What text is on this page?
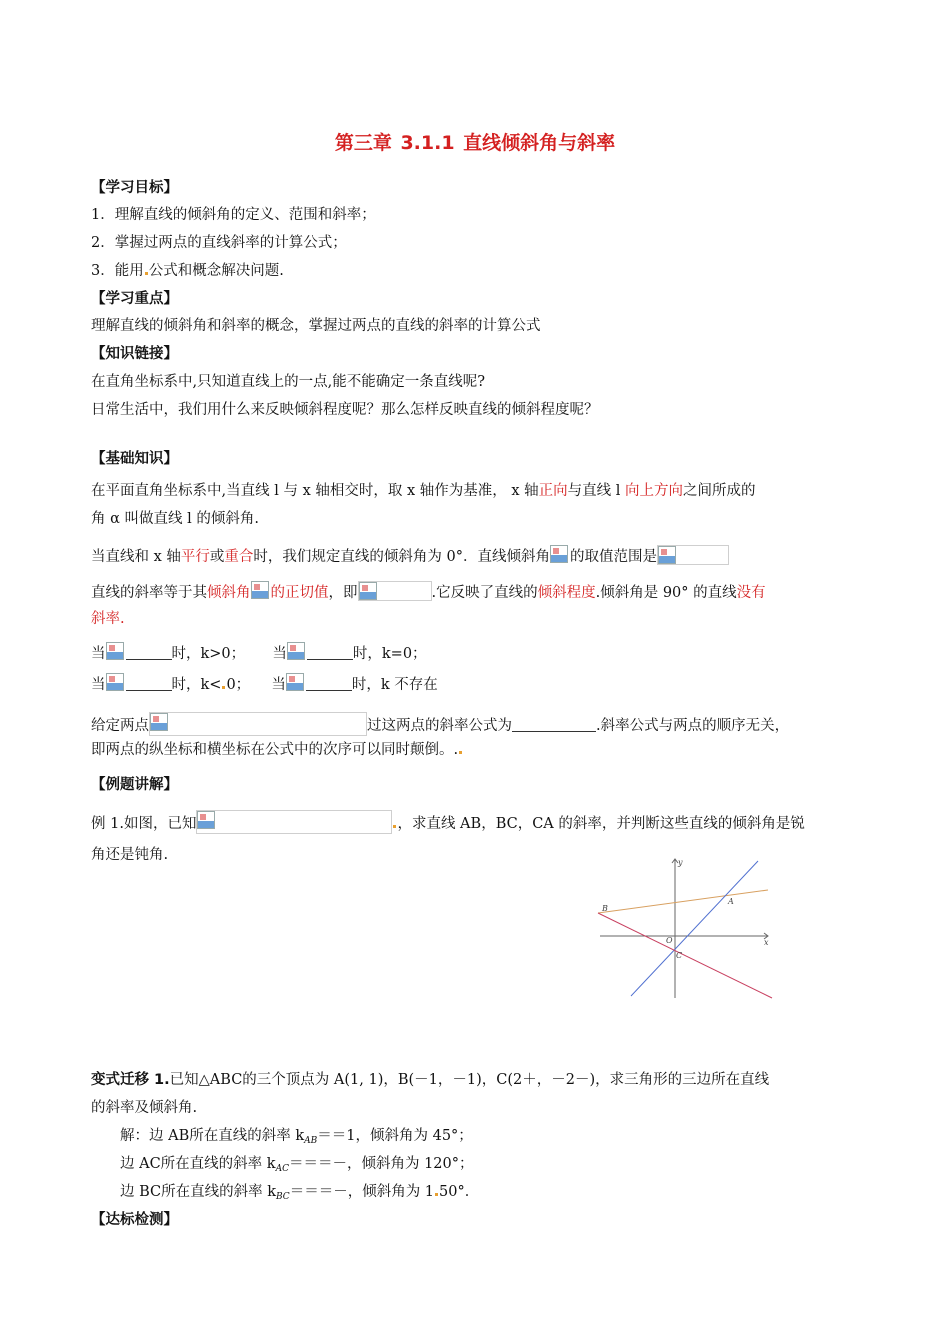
第三章 3.1.1 直线倾斜角与斜率
【学习目标】
1．理解直线的倾斜角的定义、范围和斜率；
2．掌握过两点的直线斜率的计算公式；
3．能用 公式和概念解决问题.
【学习重点】
理解直线的倾斜角和斜率的概念，掌握过两点的直线的斜率的计算公式
【知识链接】
在直角坐标系中,只知道直线上的一点,能不能确定一条直线呢?
日常生活中，我们用什么来反映倾斜程度呢？那么怎样反映直线的倾斜程度呢？
【基础知识】
在平面直角坐标系中,当直线 l 与 x 轴相交时，取 x 轴作为基准， x 轴正向与直线 l 向上方向之间所成的
角 α 叫做直线 l 的倾斜角.
当直线和 x 轴平行或重合时，我们规定直线的倾斜角为 0°．直线倾斜角 的取值范围是
直线的斜率等于其倾斜角 的正切值，即	.它反映了直线的倾斜程度.倾斜角是 90° 的直线没有
斜率.
当	时，k>0； 当	时，k=0；
当	时，k< 0； 当	时，k 不存在
给定两点	过这两点的斜率公式为	.斜率公式与两点的顺序无关，
即两点的纵坐标和横坐标在公式中的次序可以同时颠倒。.
【例题讲解】
例 1.如图，已知	，求直线 AB，BC，CA 的斜率，并判断这些直线的倾斜角是锐
角还是钝角.	y
x
O
B
A
C
变式迁移 1.已知△ABC的三个顶点为 A(1, 1)，B(－1，－1)，C(2＋，－2－)，求三角形的三边所在直线
的斜率及倾斜角.
解：边 AB所在直线的斜率 $k_{AB}==1$，倾斜角为 45°；
边 AC所在直线的斜率 $k_{AC}===-$，倾斜角为 120°；
边 BC所在直线的斜率 $k_{BC}===-$，倾斜角为 1 50°．
【达标检测】
